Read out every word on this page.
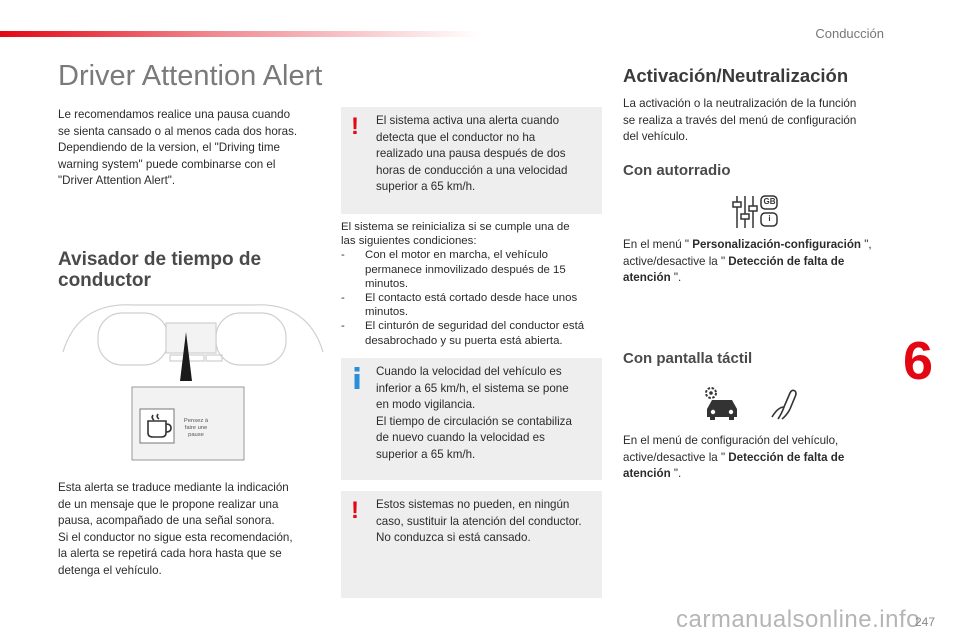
Conducción
Driver Attention Alert

Le recomendamos realice una pausa cuando
se sienta cansado o al menos cada dos horas.
Dependiendo de la version, el "Driving time
warning system" puede combinarse con el
"Driver Attention Alert".

! El sistema activa una alerta cuando
detecta que el conductor no ha
realizado una pausa después de dos
horas de conducción a una velocidad
superior a 65 km/h.
El sistema se reinicializa si se cumple una de
las siguientes condiciones:
- Con el motor en marcha, el vehículo permanece inmovilizado después de 15 minutos.
- El contacto está cortado desde hace unos minutos.
- El cinturón de seguridad del conductor está desabrochado y su puerta está abierta.
Avisador de tiempo de
conductor
Pensez à faire une pause

Esta alerta se traduce mediante la indicación
de un mensaje que le propone realizar una
pausa, acompañado de una señal sonora.
Si el conductor no sigue esta recomendación,
la alerta se repetirá cada hora hasta que se
detenga el vehículo.

Cuando la velocidad del vehículo es
inferior a 65 km/h, el sistema se pone
en modo vigilancia.
El tiempo de circulación se contabiliza
de nuevo cuando la velocidad es
superior a 65 km/h.
! Estos sistemas no pueden, en ningún
caso, sustituir la atención del conductor.
No conduzca si está cansado.
Activación/Neutralización

La activación o la neutralización de la función
se realiza a través del menú de configuración
del vehículo.

Con autorradio
GB
i

En el menú " Personalización-configuración ",
active/desactive la " Detección de falta de
atención ".

Con pantalla táctil

En el menú de configuración del vehículo,
active/desactive la " Detección de falta de
atención ".

6
carmanualsonline.info
247
